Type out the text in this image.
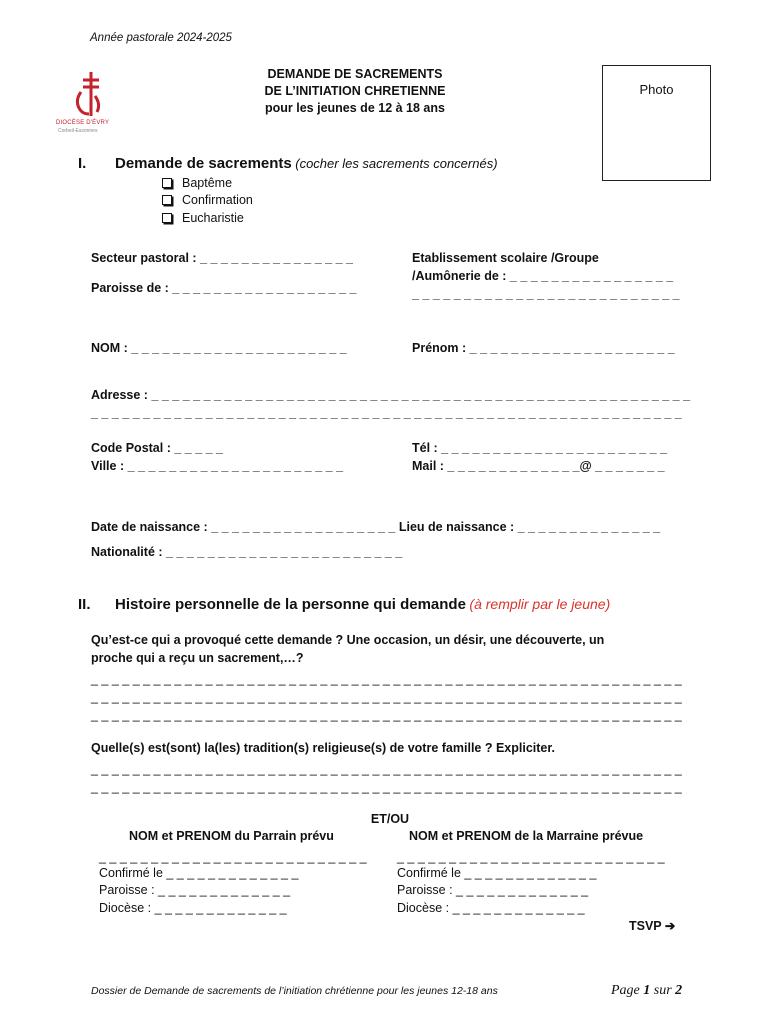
Année pastorale 2024-2025
DIOCÈSE D'ÉVRY
Corbeil-Essonnes
DEMANDE DE SACREMENTS
DE L’INITIATION CHRETIENNE
pour les jeunes de 12 à 18 ans
Photo
I. Demande de sacrements (cocher les sacrements concernés)
Baptême
Confirmation
Eucharistie
Secteur pastoral : _ _ _ _ _ _ _ _ _ _ _ _ _ _ _
Paroisse de : _ _ _ _ _ _ _ _ _ _ _ _ _ _ _ _ _ _
Etablissement scolaire /Groupe
/Aumônerie de : _ _ _ _ _ _ _ _ _ _ _ _ _ _ _ _
_ _ _ _ _ _ _ _ _ _ _ _ _ _ _ _ _ _ _ _ _ _ _ _ _ _
NOM : _ _ _ _ _ _ _ _ _ _ _ _ _ _ _ _ _ _ _ _ _	Prénom : _ _ _ _ _ _ _ _ _ _ _ _ _ _ _ _ _ _ _ _
Adresse : _ _ _ _ _ _ _ _ _ _ _ _ _ _ _ _ _ _ _ _ _ _ _ _ _ _ _ _ _ _ _ _ _ _ _ _ _ _ _ _ _ _ _ _ _ _ _ _ _ _ _ _
_ _ _ _ _ _ _ _ _ _ _ _ _ _ _ _ _ _ _ _ _ _ _ _ _ _ _ _ _ _ _ _ _ _ _ _ _ _ _ _ _ _ _ _ _ _ _ _ _ _ _ _ _ _ _ _ _
Code Postal : _ _ _ _ _
Ville : _ _ _ _ _ _ _ _ _ _ _ _ _ _ _ _ _ _ _ _ _
Tél : _ _ _ _ _ _ _ _ _ _ _ _ _ _ _ _ _ _ _ _ _ _
Mail : _ _ _ _ _ _ _ _ _ _ _ _ _@ _ _ _ _ _ _ _
Date de naissance : _ _ _ _ _ _ _ _ _ _ _ _ _ _ _ _ _ _ Lieu de naissance : _ _ _ _ _ _ _ _ _ _ _ _ _ _
Nationalité : _ _ _ _ _ _ _ _ _ _ _ _ _ _ _ _ _ _ _ _ _ _ _
II. Histoire personnelle de la personne qui demande (à remplir par le jeune)
Qu’est-ce qui a provoqué cette demande ? Une occasion, un désir, une découverte, un
proche qui a reçu un sacrement,…?
_ _ _ _ _ _ _ _ _ _ _ _ _ _ _ _ _ _ _ _ _ _ _ _ _ _ _ _ _ _ _ _ _ _ _ _ _ _ _ _ _ _ _ _ _ _ _ _ _ _ _ _ _ _ _ _ _
_ _ _ _ _ _ _ _ _ _ _ _ _ _ _ _ _ _ _ _ _ _ _ _ _ _ _ _ _ _ _ _ _ _ _ _ _ _ _ _ _ _ _ _ _ _ _ _ _ _ _ _ _ _ _ _ _
_ _ _ _ _ _ _ _ _ _ _ _ _ _ _ _ _ _ _ _ _ _ _ _ _ _ _ _ _ _ _ _ _ _ _ _ _ _ _ _ _ _ _ _ _ _ _ _ _ _ _ _ _ _ _ _ _
Quelle(s) est(sont) la(les) tradition(s) religieuse(s) de votre famille ? Expliciter.
_ _ _ _ _ _ _ _ _ _ _ _ _ _ _ _ _ _ _ _ _ _ _ _ _ _ _ _ _ _ _ _ _ _ _ _ _ _ _ _ _ _ _ _ _ _ _ _ _ _ _ _ _ _ _ _ _
_ _ _ _ _ _ _ _ _ _ _ _ _ _ _ _ _ _ _ _ _ _ _ _ _ _ _ _ _ _ _ _ _ _ _ _ _ _ _ _ _ _ _ _ _ _ _ _ _ _ _ _ _ _ _ _ _
ET/OU
NOM et PRENOM du Parrain prévu	NOM et PRENOM de la Marraine prévue
_ _ _ _ _ _ _ _ _ _ _ _ _ _ _ _ _ _ _ _ _ _ _ _ _ _
Confirmé le _ _ _ _ _ _ _ _ _ _ _ _ _
Paroisse : _ _ _ _ _ _ _ _ _ _ _ _ _
Diocèse : _ _ _ _ _ _ _ _ _ _ _ _ _
_ _ _ _ _ _ _ _ _ _ _ _ _ _ _ _ _ _ _ _ _ _ _ _ _ _
Confirmé le _ _ _ _ _ _ _ _ _ _ _ _ _
Paroisse : _ _ _ _ _ _ _ _ _ _ _ _ _
Diocèse : _ _ _ _ _ _ _ _ _ _ _ _ _
TSVP ➔
Dossier de Demande de sacrements de l’initiation chrétienne pour les jeunes 12-18 ans	Page 1 sur 2
